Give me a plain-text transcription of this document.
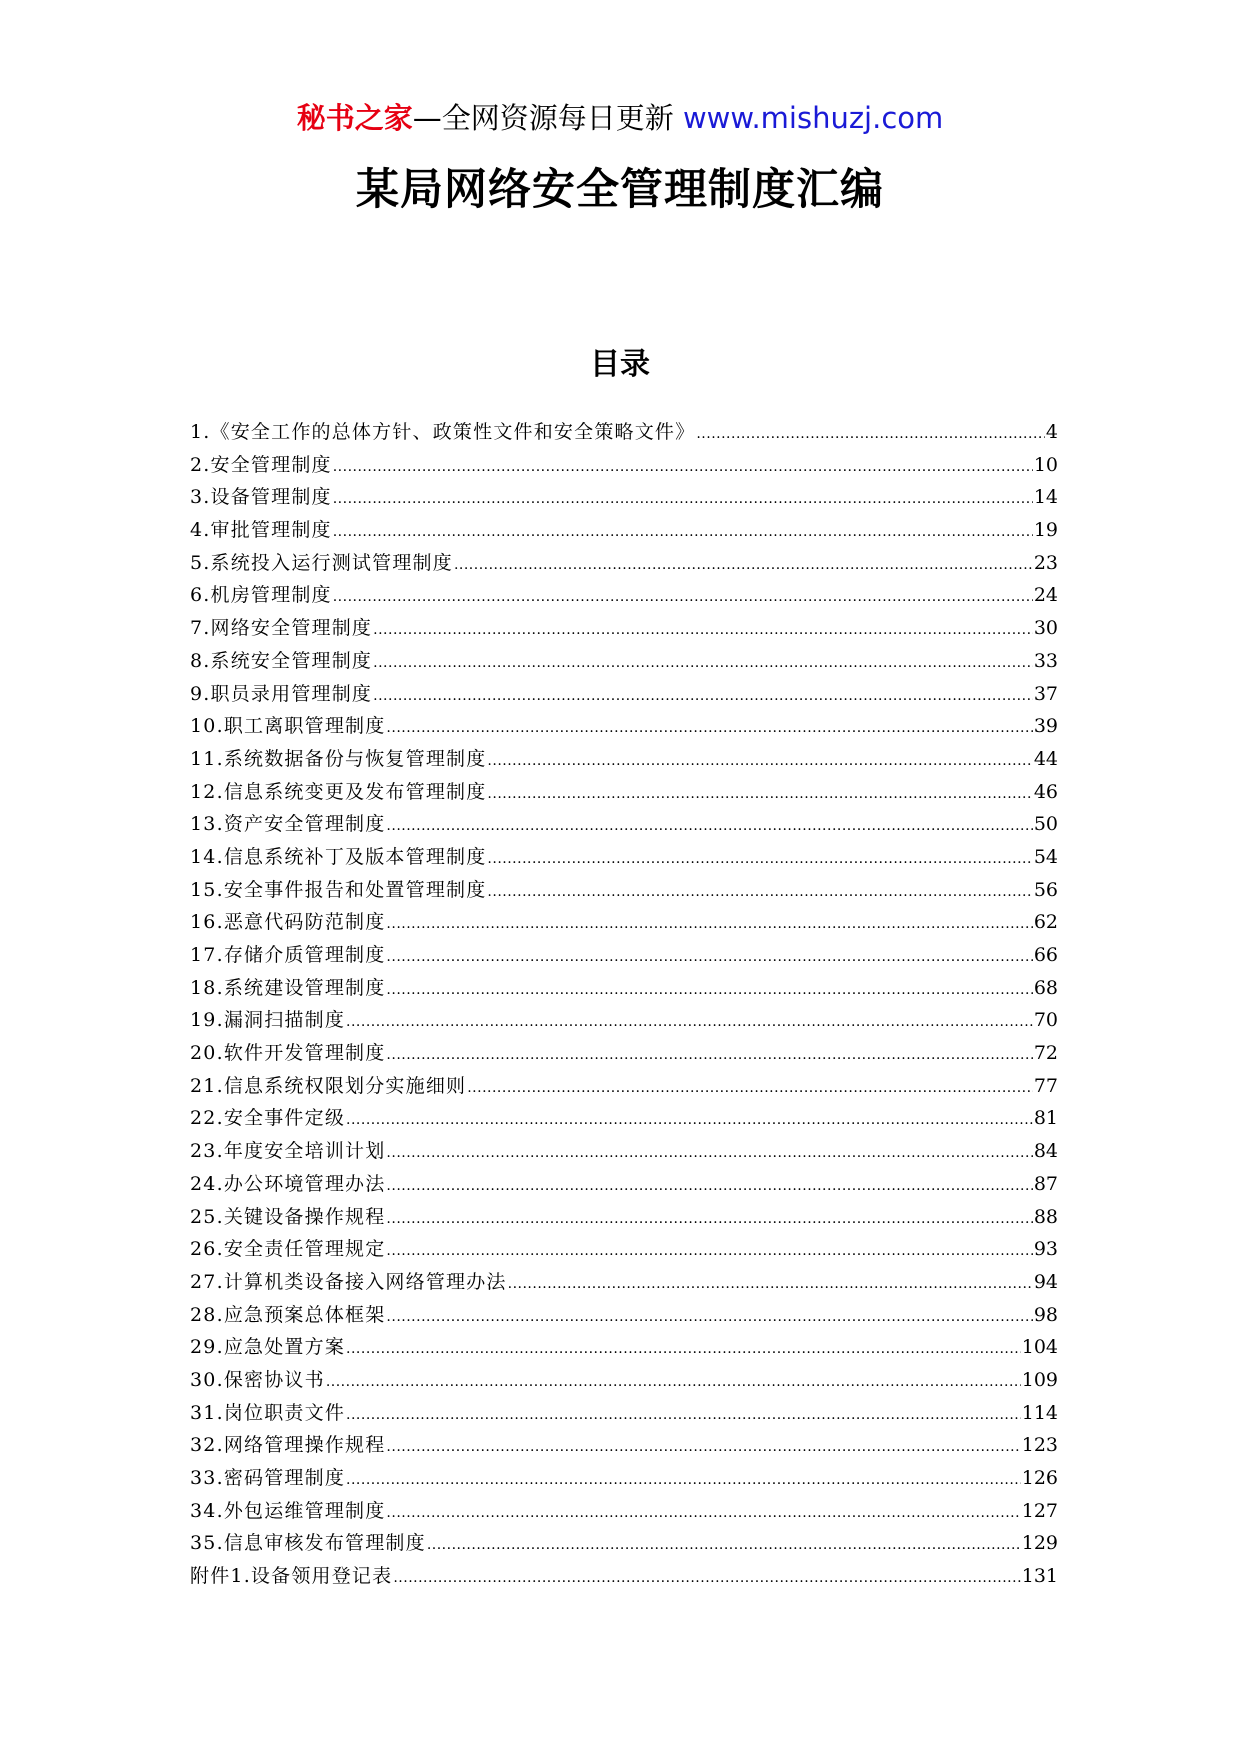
秘书之家—全网资源每日更新 www.mishuzj.com
某局网络安全管理制度汇编
目录
1.《安全工作的总体方针、政策性文件和安全策略文件》 .....	4
2.安全管理制度 .....	10
3.设备管理制度 .....	14
4.审批管理制度 .....	19
5.系统投入运行测试管理制度 .....	23
6.机房管理制度 .....	24
7.网络安全管理制度 .....	30
8.系统安全管理制度 .....	33
9.职员录用管理制度 .....	37
10.职工离职管理制度 .....	39
11.系统数据备份与恢复管理制度 .....	44
12.信息系统变更及发布管理制度 .....	46
13.资产安全管理制度 .....	50
14.信息系统补丁及版本管理制度 .....	54
15.安全事件报告和处置管理制度 .....	56
16.恶意代码防范制度 .....	62
17.存储介质管理制度 .....	66
18.系统建设管理制度 .....	68
19.漏洞扫描制度 .....	70
20.软件开发管理制度 .....	72
21.信息系统权限划分实施细则 .....	77
22.安全事件定级 .....	81
23.年度安全培训计划 .....	84
24.办公环境管理办法 .....	87
25.关键设备操作规程 .....	88
26.安全责任管理规定 .....	93
27.计算机类设备接入网络管理办法 .....	94
28.应急预案总体框架 .....	98
29.应急处置方案 .....	104
30.保密协议书 .....	109
31.岗位职责文件 .....	114
32.网络管理操作规程 .....	123
33.密码管理制度 .....	126
34.外包运维管理制度 .....	127
35.信息审核发布管理制度 .....	129
附件1.设备领用登记表 .....	131
